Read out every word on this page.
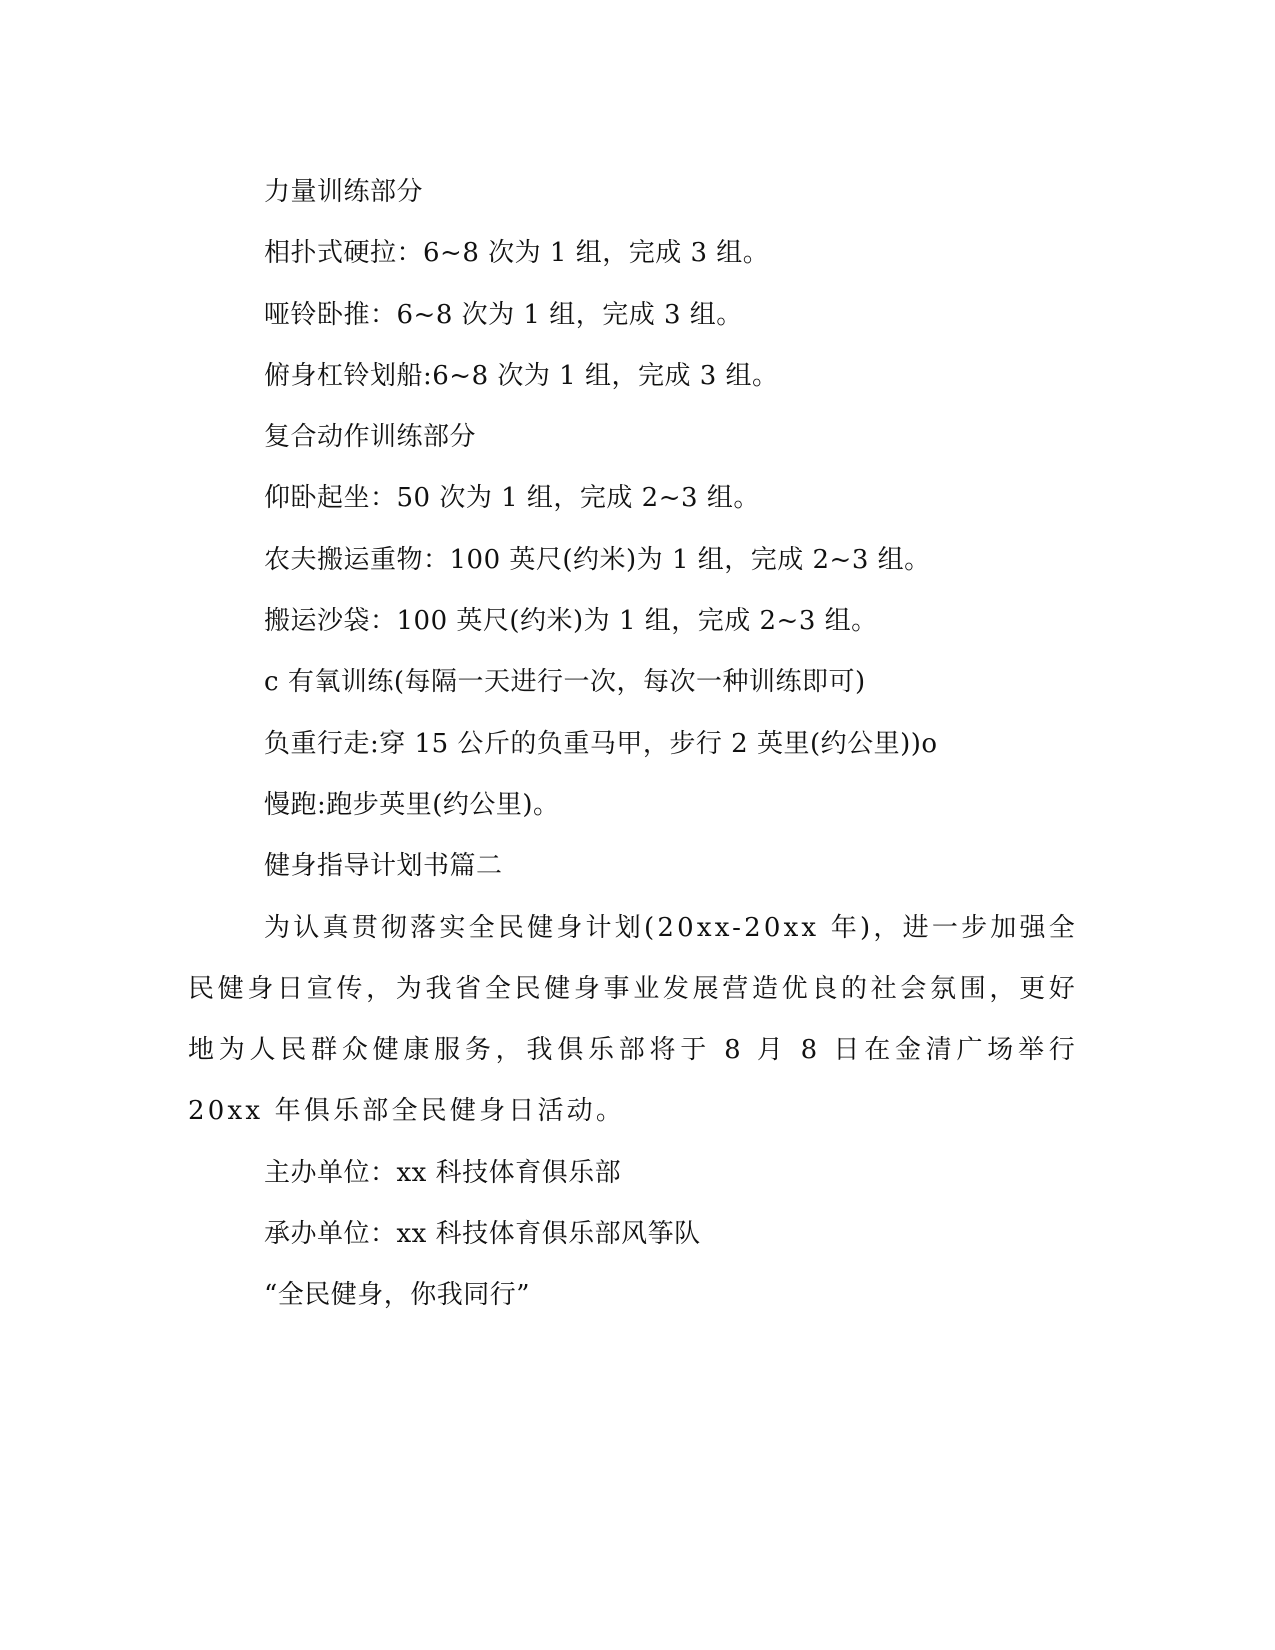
力量训练部分
相扑式硬拉：6~8 次为 1 组，完成 3 组。
哑铃卧推：6~8 次为 1 组，完成 3 组。
俯身杠铃划船:6~8 次为 1 组，完成 3 组。
复合动作训练部分
仰卧起坐：50 次为 1 组，完成 2~3 组。
农夫搬运重物：100 英尺(约米)为 1 组，完成 2~3 组。
搬运沙袋：100 英尺(约米)为 1 组，完成 2~3 组。
c 有氧训练(每隔一天进行一次，每次一种训练即可)
负重行走:穿 15 公斤的负重马甲，步行 2 英里(约公里))o
慢跑:跑步英里(约公里)。
健身指导计划书篇二

为认真贯彻落实全民健身计划(20xx-20xx 年)，进一步加强全民健身日宣传，为我省全民健身事业发展营造优良的社会氛围，更好地为人民群众健康服务，我俱乐部将于 8 月 8 日在金清广场举行 20xx 年俱乐部全民健身日活动。

主办单位：xx 科技体育俱乐部
承办单位：xx 科技体育俱乐部风筝队
“全民健身，你我同行”
